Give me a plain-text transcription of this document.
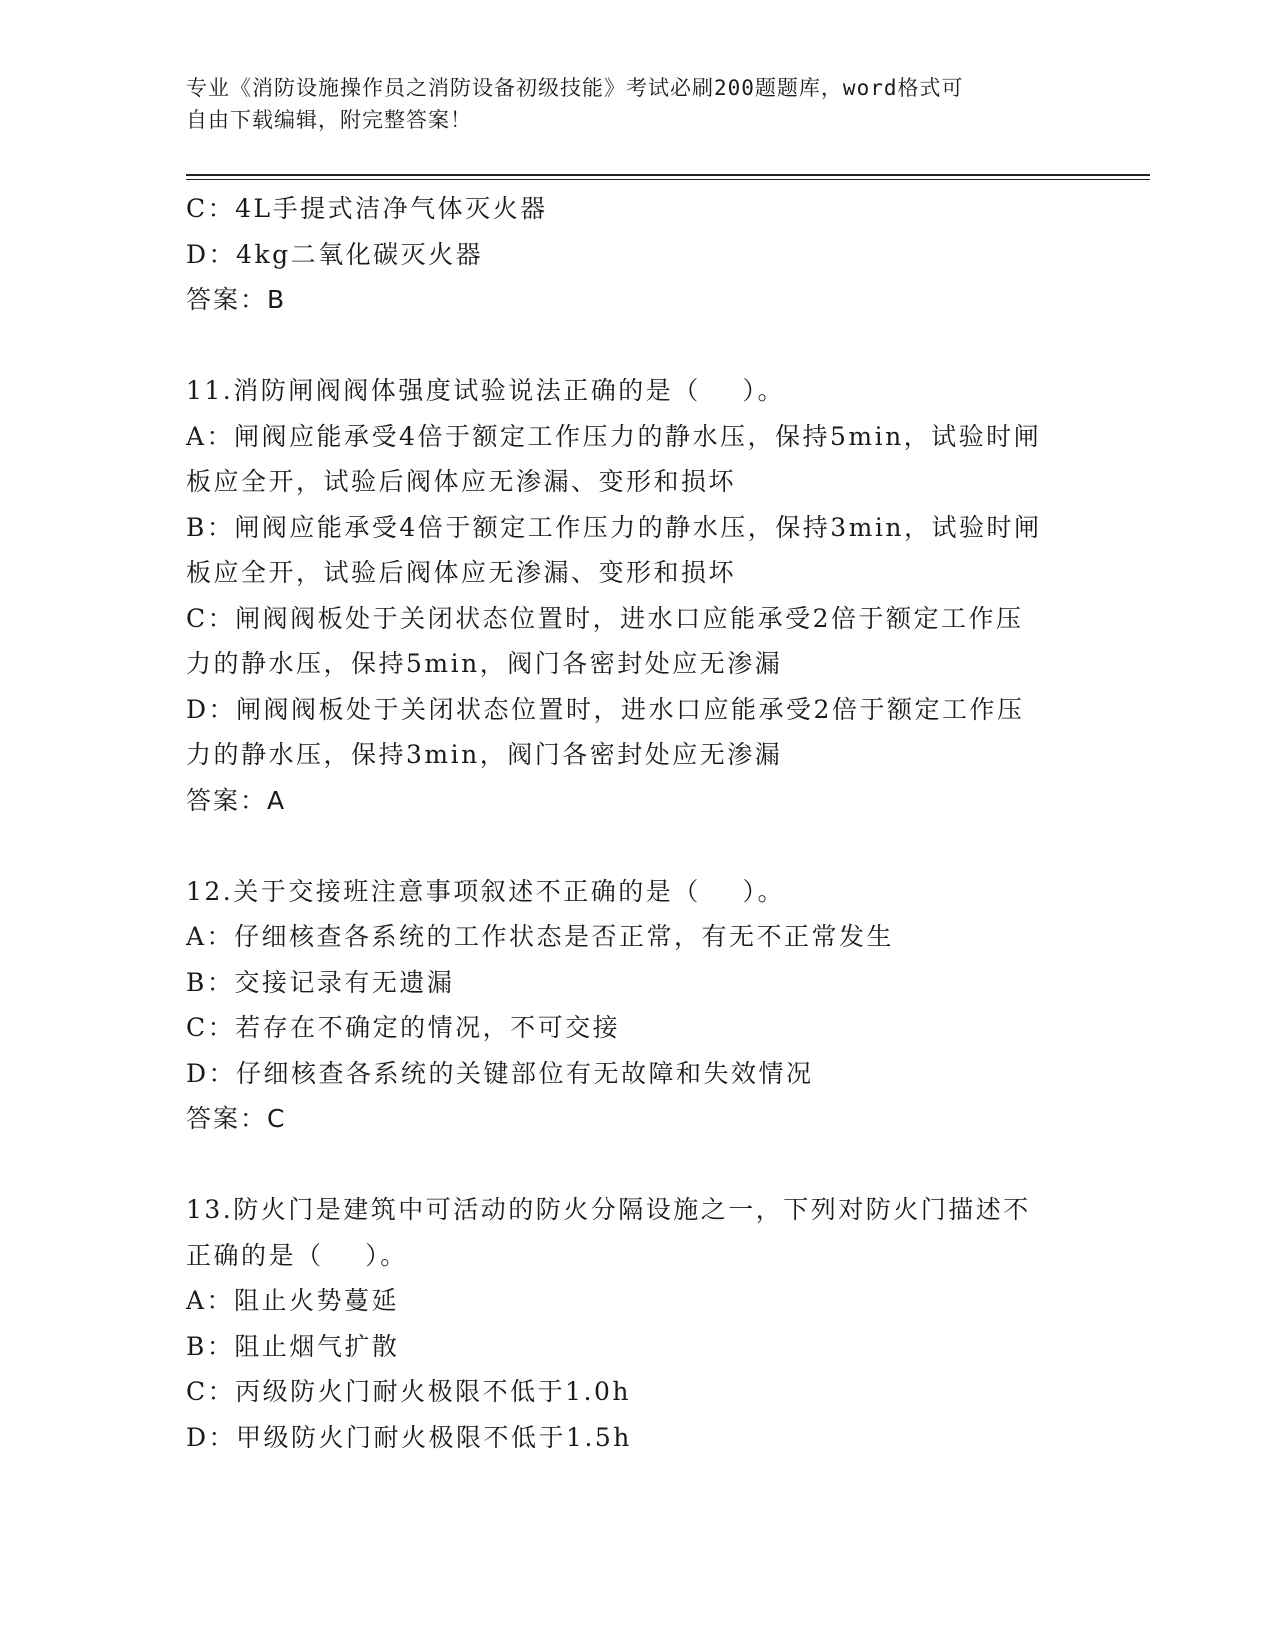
专业《消防设施操作员之消防设备初级技能》考试必刷200题题库，word格式可
自由下载编辑，附完整答案！
C：4L手提式洁净气体灭火器
D：4kg二氧化碳灭火器
答案：B
11.消防闸阀阀体强度试验说法正确的是（    ）。
A：闸阀应能承受4倍于额定工作压力的静水压，保持5min，试验时闸
板应全开，试验后阀体应无渗漏、变形和损坏
B：闸阀应能承受4倍于额定工作压力的静水压，保持3min，试验时闸
板应全开，试验后阀体应无渗漏、变形和损坏
C：闸阀阀板处于关闭状态位置时，进水口应能承受2倍于额定工作压
力的静水压，保持5min，阀门各密封处应无渗漏
D：闸阀阀板处于关闭状态位置时，进水口应能承受2倍于额定工作压
力的静水压，保持3min，阀门各密封处应无渗漏
答案：A
12.关于交接班注意事项叙述不正确的是（    ）。
A：仔细核查各系统的工作状态是否正常，有无不正常发生
B：交接记录有无遗漏
C：若存在不确定的情况，不可交接
D：仔细核查各系统的关键部位有无故障和失效情况
答案：C
13.防火门是建筑中可活动的防火分隔设施之一，下列对防火门描述不
正确的是（    ）。
A：阻止火势蔓延
B：阻止烟气扩散
C：丙级防火门耐火极限不低于1.0h
D：甲级防火门耐火极限不低于1.5h
